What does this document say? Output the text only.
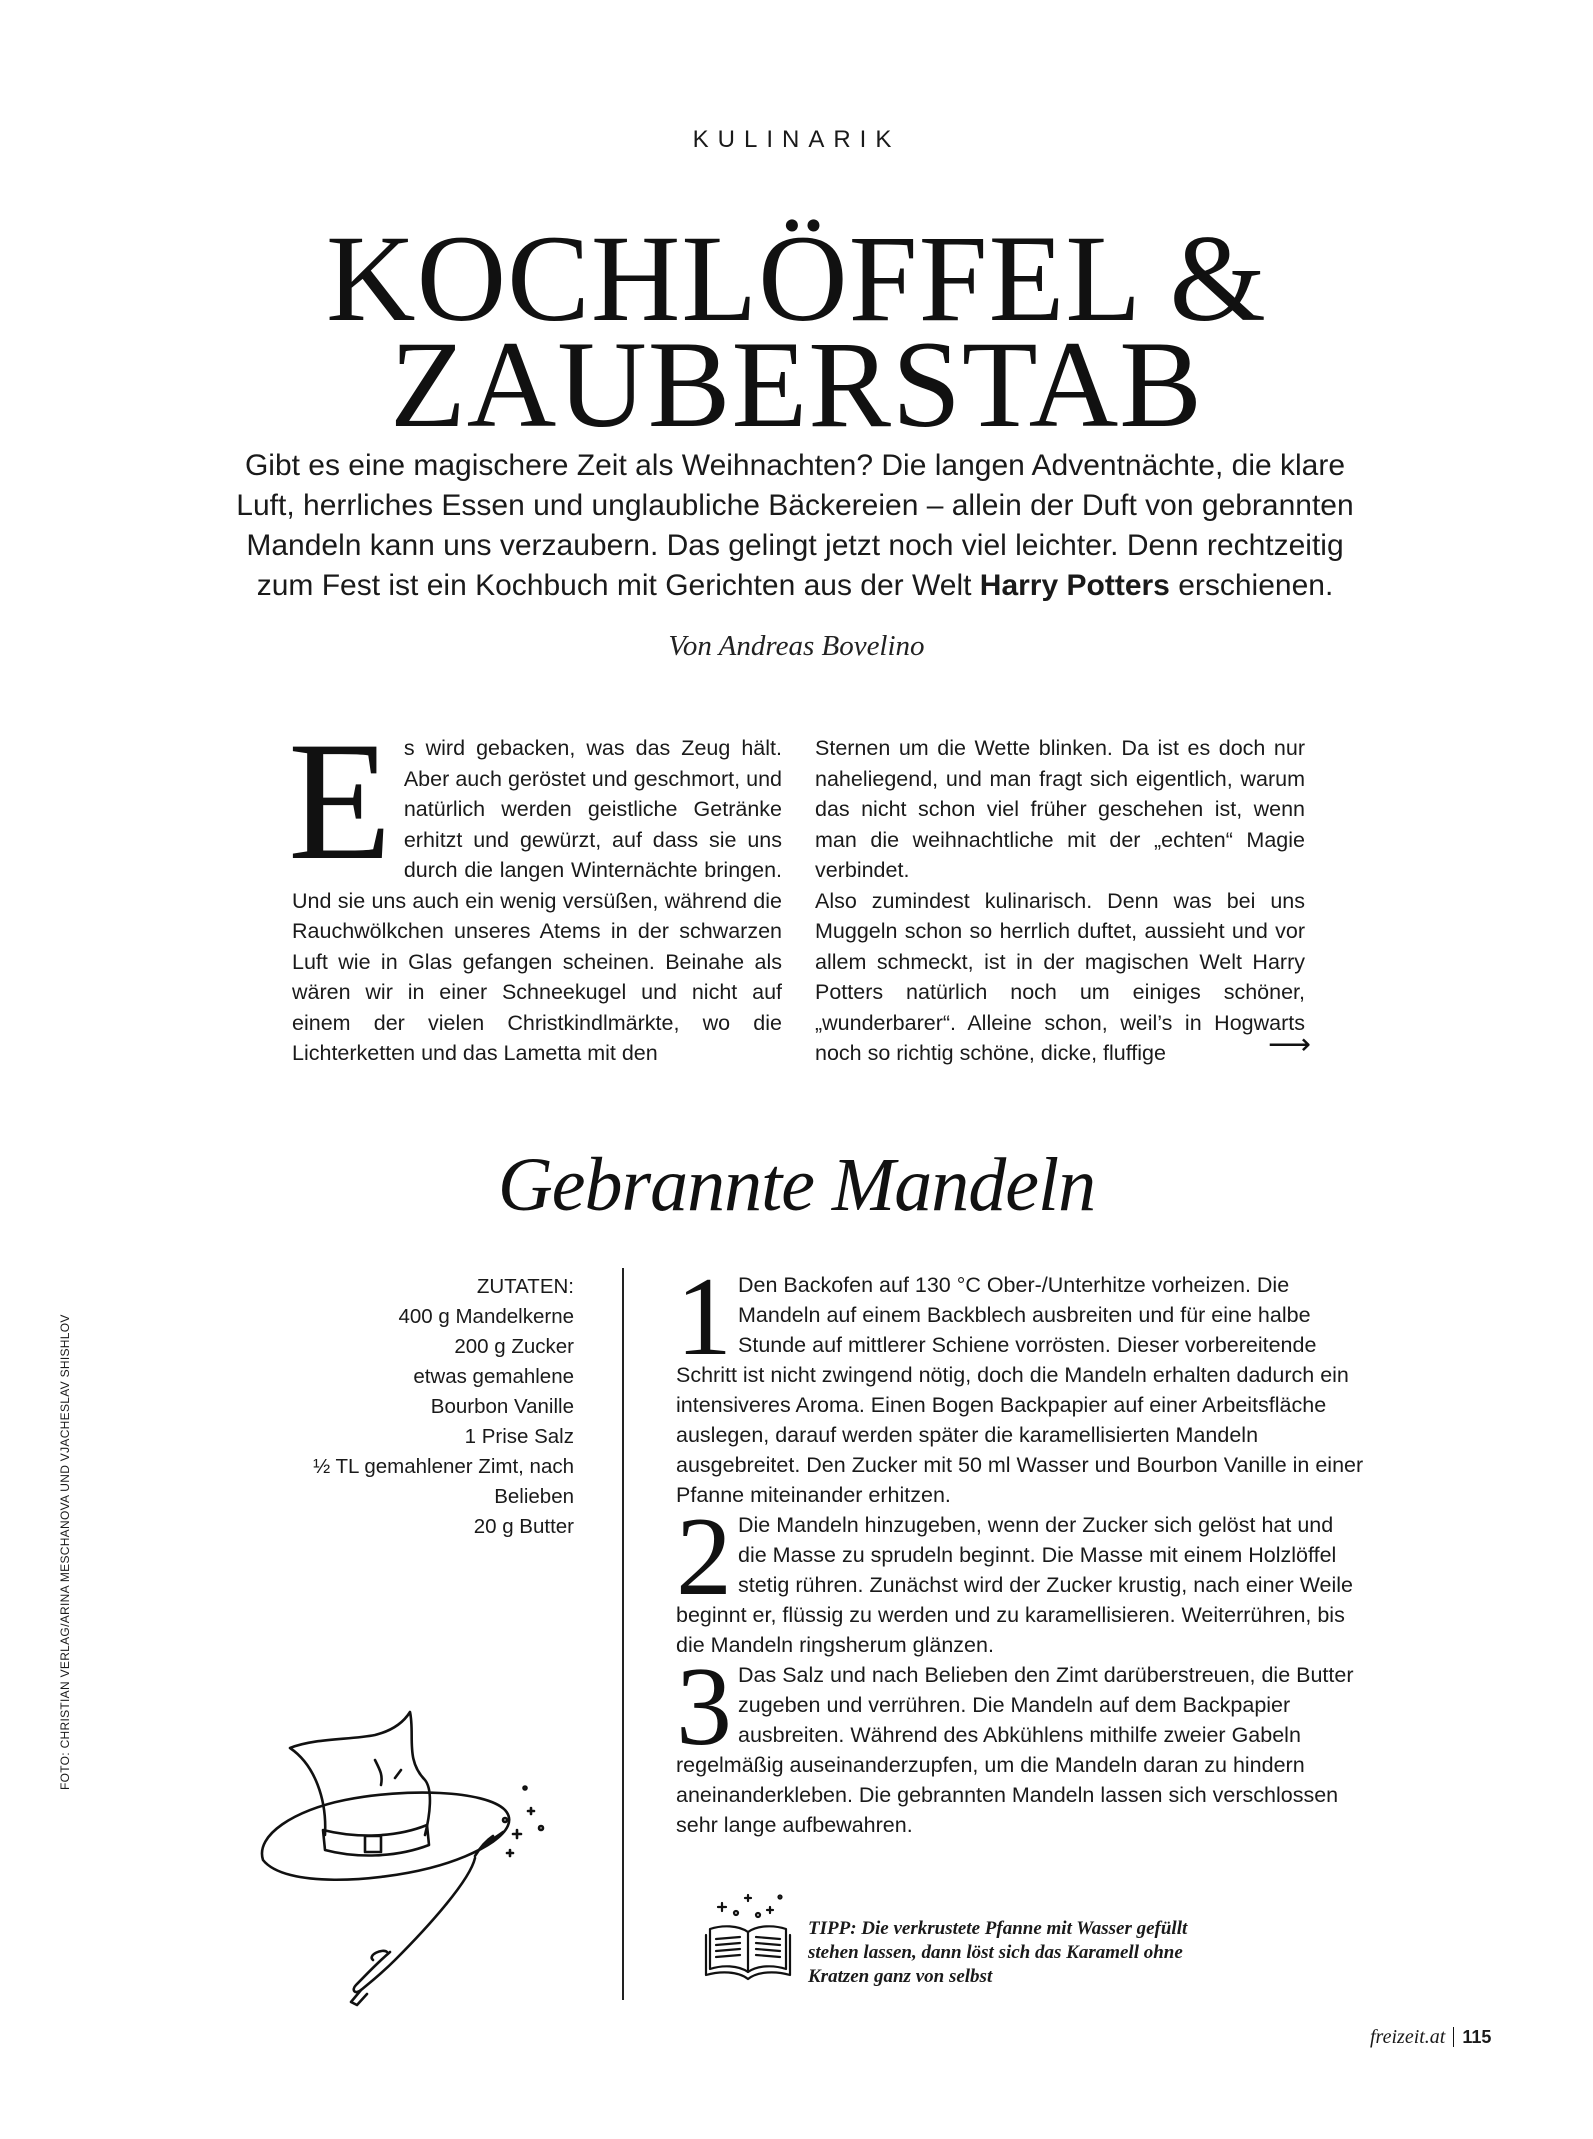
KULINARIK
KOCHLÖFFEL &
ZAUBERSTAB
Gibt es eine magischere Zeit als Weihnachten? Die langen Adventnächte, die klare Luft, herrliches Essen und unglaubliche Bäckereien – allein der Duft von gebrannten Mandeln kann uns verzaubern. Das gelingt jetzt noch viel leichter. Denn rechtzeitig zum Fest ist ein Kochbuch mit Gerichten aus der Welt Harry Potters erschienen.
Von Andreas Bovelino
Es wird gebacken, was das Zeug hält. Aber auch geröstet und geschmort, und natürlich werden geistliche Getränke erhitzt und gewürzt, auf dass sie uns durch die langen Winternächte bringen. Und sie uns auch ein wenig versüßen, während die Rauchwölkchen unseres Atems in der schwarzen Luft wie in Glas gefangen scheinen. Beinahe als wären wir in einer Schneekugel und nicht auf einem der vielen Christkindlmärkte, wo die Lichterketten und das Lametta mit den
Sternen um die Wette blinken. Da ist es doch nur naheliegend, und man fragt sich eigentlich, warum das nicht schon viel früher geschehen ist, wenn man die weihnachtliche mit der „echten“ Magie verbindet.
Also zumindest kulinarisch. Denn was bei uns Muggeln schon so herrlich duftet, aussieht und vor allem schmeckt, ist in der magischen Welt Harry Potters natürlich noch um einiges schöner, „wunderbarer“. Alleine schon, weil’s in Hogwarts noch so richtig schöne, dicke, fluffige	⟶
Gebrannte Mandeln
ZUTATEN:
400 g Mandelkerne
200 g Zucker
etwas gemahlene
Bourbon Vanille
1 Prise Salz
½ TL gemahlener Zimt, nach
Belieben
20 g Butter
1 Den Backofen auf 130 °C Ober-/Unterhitze vorheizen. Die Mandeln auf einem Backblech ausbreiten und für eine halbe Stunde auf mittlerer Schiene vorrösten. Dieser vorbereitende Schritt ist nicht zwingend nötig, doch die Mandeln erhalten dadurch ein intensiveres Aroma. Einen Bogen Backpapier auf einer Arbeitsfläche auslegen, darauf werden später die karamellisierten Mandeln ausgebreitet. Den Zucker mit 50 ml Wasser und Bourbon Vanille in einer Pfanne miteinander erhitzen.
2 Die Mandeln hinzugeben, wenn der Zucker sich gelöst hat und die Masse zu sprudeln beginnt. Die Masse mit einem Holzlöffel stetig rühren. Zunächst wird der Zucker krustig, nach einer Weile beginnt er, flüssig zu werden und zu karamellisieren. Weiterrühren, bis die Mandeln ringsherum glänzen.
3 Das Salz und nach Belieben den Zimt darüberstreuen, die Butter zugeben und verrühren. Die Mandeln auf dem Backpapier ausbreiten. Während des Abkühlens mithilfe zweier Gabeln regelmäßig auseinanderzupfen, um die Mandeln daran zu hindern aneinanderkleben. Die gebrannten Mandeln lassen sich verschlossen sehr lange aufbewahren.
TIPP: Die verkrustete Pfanne mit Wasser gefüllt stehen lassen, dann löst sich das Karamell ohne Kratzen ganz von selbst
FOTO: CHRISTIAN VERLAG/ARINA MESCHANOVA UND VJACHESLAV SHISHLOV
freizeit.at 115
